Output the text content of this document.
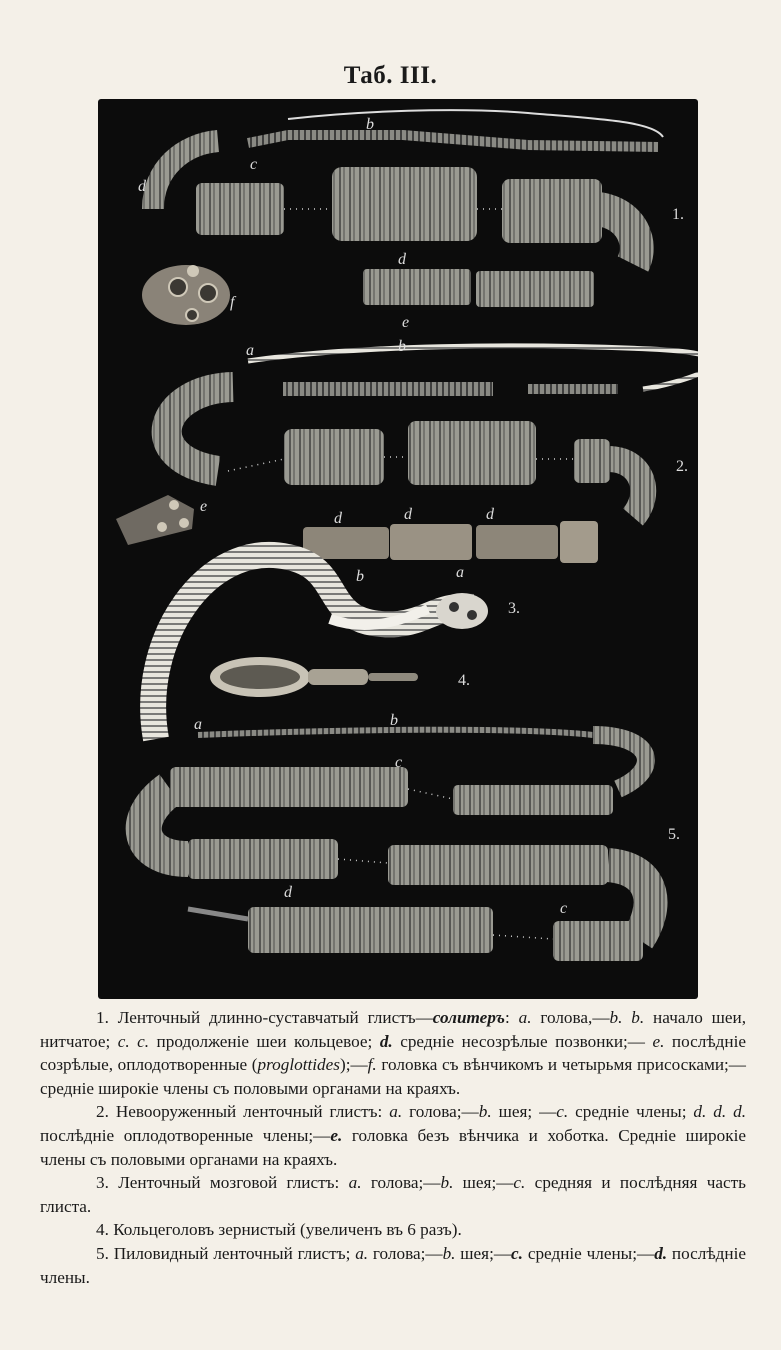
Таб. III.
f
d
b
c
d
e
1.
e
a	b
d	d	d
2.
a
b
3.
4.
a	b
c
c
d
5.

1. Ленточный длинно-суставчатый глистъ—солитеръ: a. голова,—b. b. начало шеи, нитчатое; c. c. продолженіе шеи кольцевое; d. средніе несозрѣлые позвонки;— e. послѣдніе созрѣлые, оплодотворенные (proglottides);—f. головка съ вѣнчикомъ и четырьмя присосками;— средніе широкіе члены съ половыми органами на краяхъ.

2. Невооруженный ленточный глистъ: a. голова;—b. шея; —c. средніе члены; d. d. d. послѣдніе оплодотворенные члены;—e. головка безъ вѣнчика и хоботка. Средніе широкіе члены съ половыми органами на краяхъ.

3. Ленточный мозговой глистъ: a. голова;—b. шея;—c. средняя и послѣдняя часть глиста.

4. Кольцеголовъ зернистый (увеличенъ въ 6 разъ).

5. Пиловидный ленточный глистъ; a. голова;—b. шея;—c. средніе члены;—d. послѣдніе члены.
